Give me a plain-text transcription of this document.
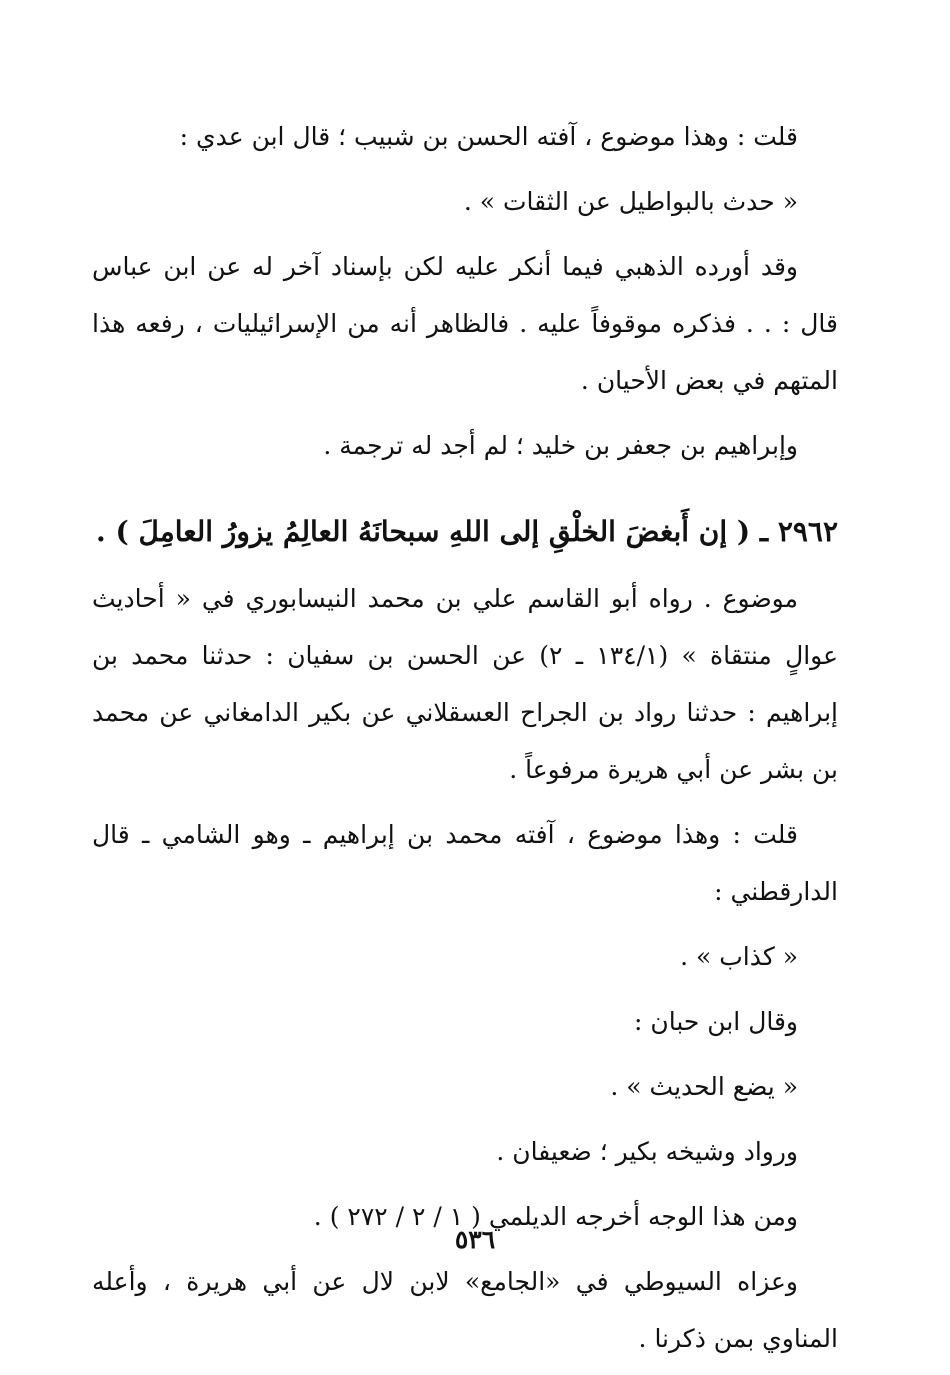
قلت : وهذا موضوع ، آفته الحسن بن شبيب ؛ قال ابن عدي :

« حدث بالبواطيل عن الثقات » .

وقد أورده الذهبي فيما أنكر عليه لكن بإسناد آخر له عن ابن عباس قال : . . فذكره موقوفاً عليه . فالظاهر أنه من الإسرائيليات ، رفعه هذا المتهم في بعض الأحيان .

وإبراهيم بن جعفر بن خليد ؛ لم أجد له ترجمة .

٢٩٦٢ ـ ( إن أَبغضَ الخلْقِ إلى اللهِ سبحانَهُ العالِمُ يزورُ العامِلَ ) .

موضوع . رواه أبو القاسم علي بن محمد النيسابوري في « أحاديث عوالٍ منتقاة » (١٣٤/١ ـ ٢) عن الحسن بن سفيان : حدثنا محمد بن إبراهيم : حدثنا رواد بن الجراح العسقلاني عن بكير الدامغاني عن محمد بن بشر عن أبي هريرة مرفوعاً .

قلت : وهذا موضوع ، آفته محمد بن إبراهيم ـ وهو الشامي ـ قال الدارقطني :

« كذاب » .

وقال ابن حبان :

« يضع الحديث » .

ورواد وشيخه بكير ؛ ضعيفان .

ومن هذا الوجه أخرجه الديلمي ( ١ / ٢ / ٢٧٢ ) .

وعزاه السيوطي في «الجامع» لابن لال عن أبي هريرة ، وأعله المناوي بمن ذكرنا .

٥٣٦
